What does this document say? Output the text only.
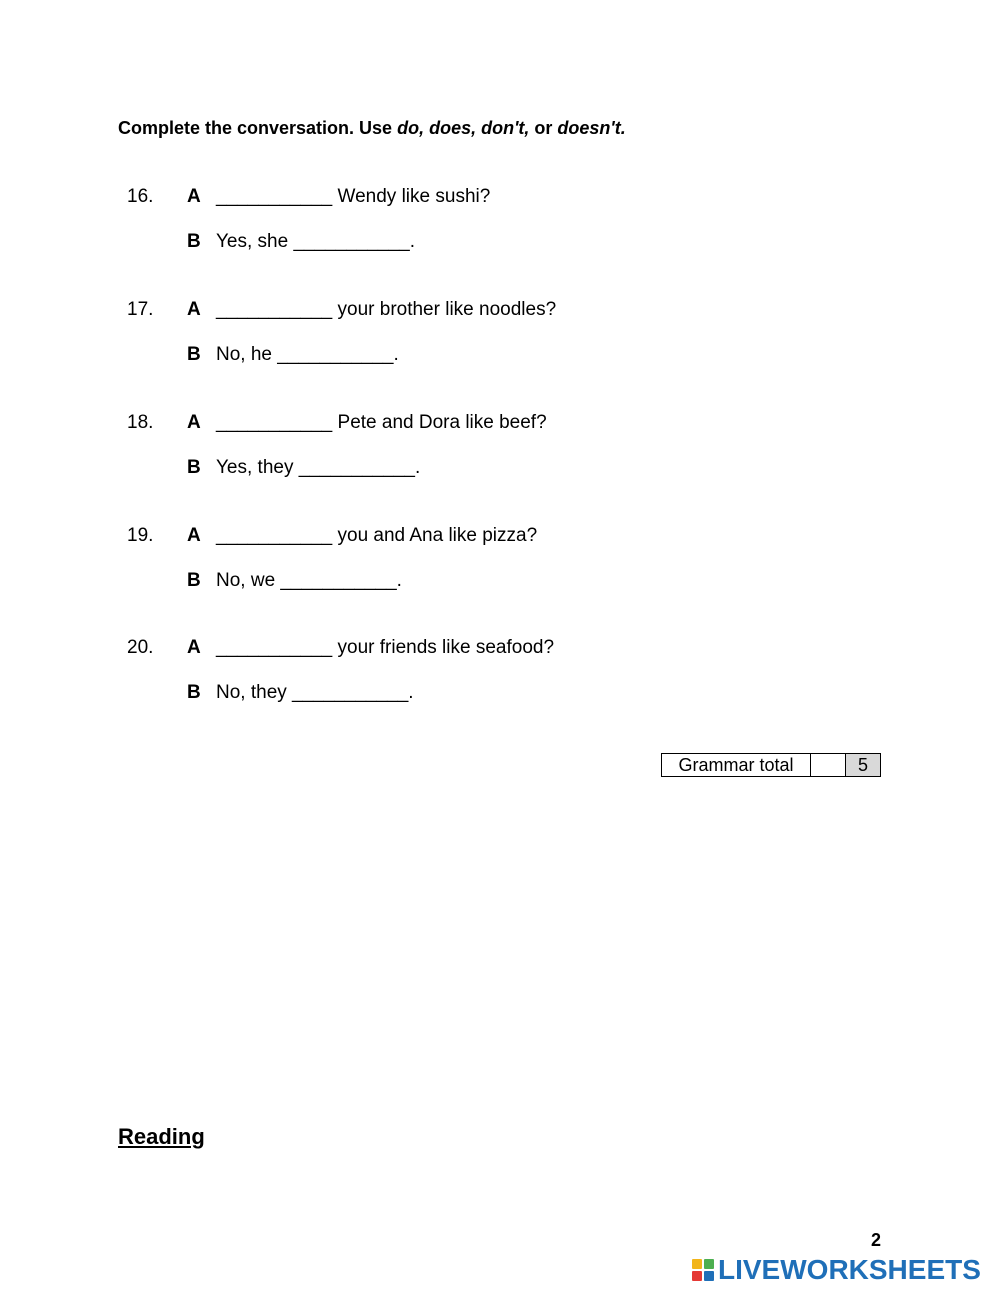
Complete the conversation. Use do, does, don't, or doesn't.
16. A ___________ Wendy like sushi?
B Yes, she ___________.
17. A ___________ your brother like noodles?
B No, he ___________.
18. A ___________ Pete and Dora like beef?
B Yes, they ___________.
19. A ___________ you and Ana like pizza?
B No, we ___________.
20. A ___________ your friends like seafood?
B No, they ___________.
Grammar total		5
Reading
2
LIVEWORKSHEETS
